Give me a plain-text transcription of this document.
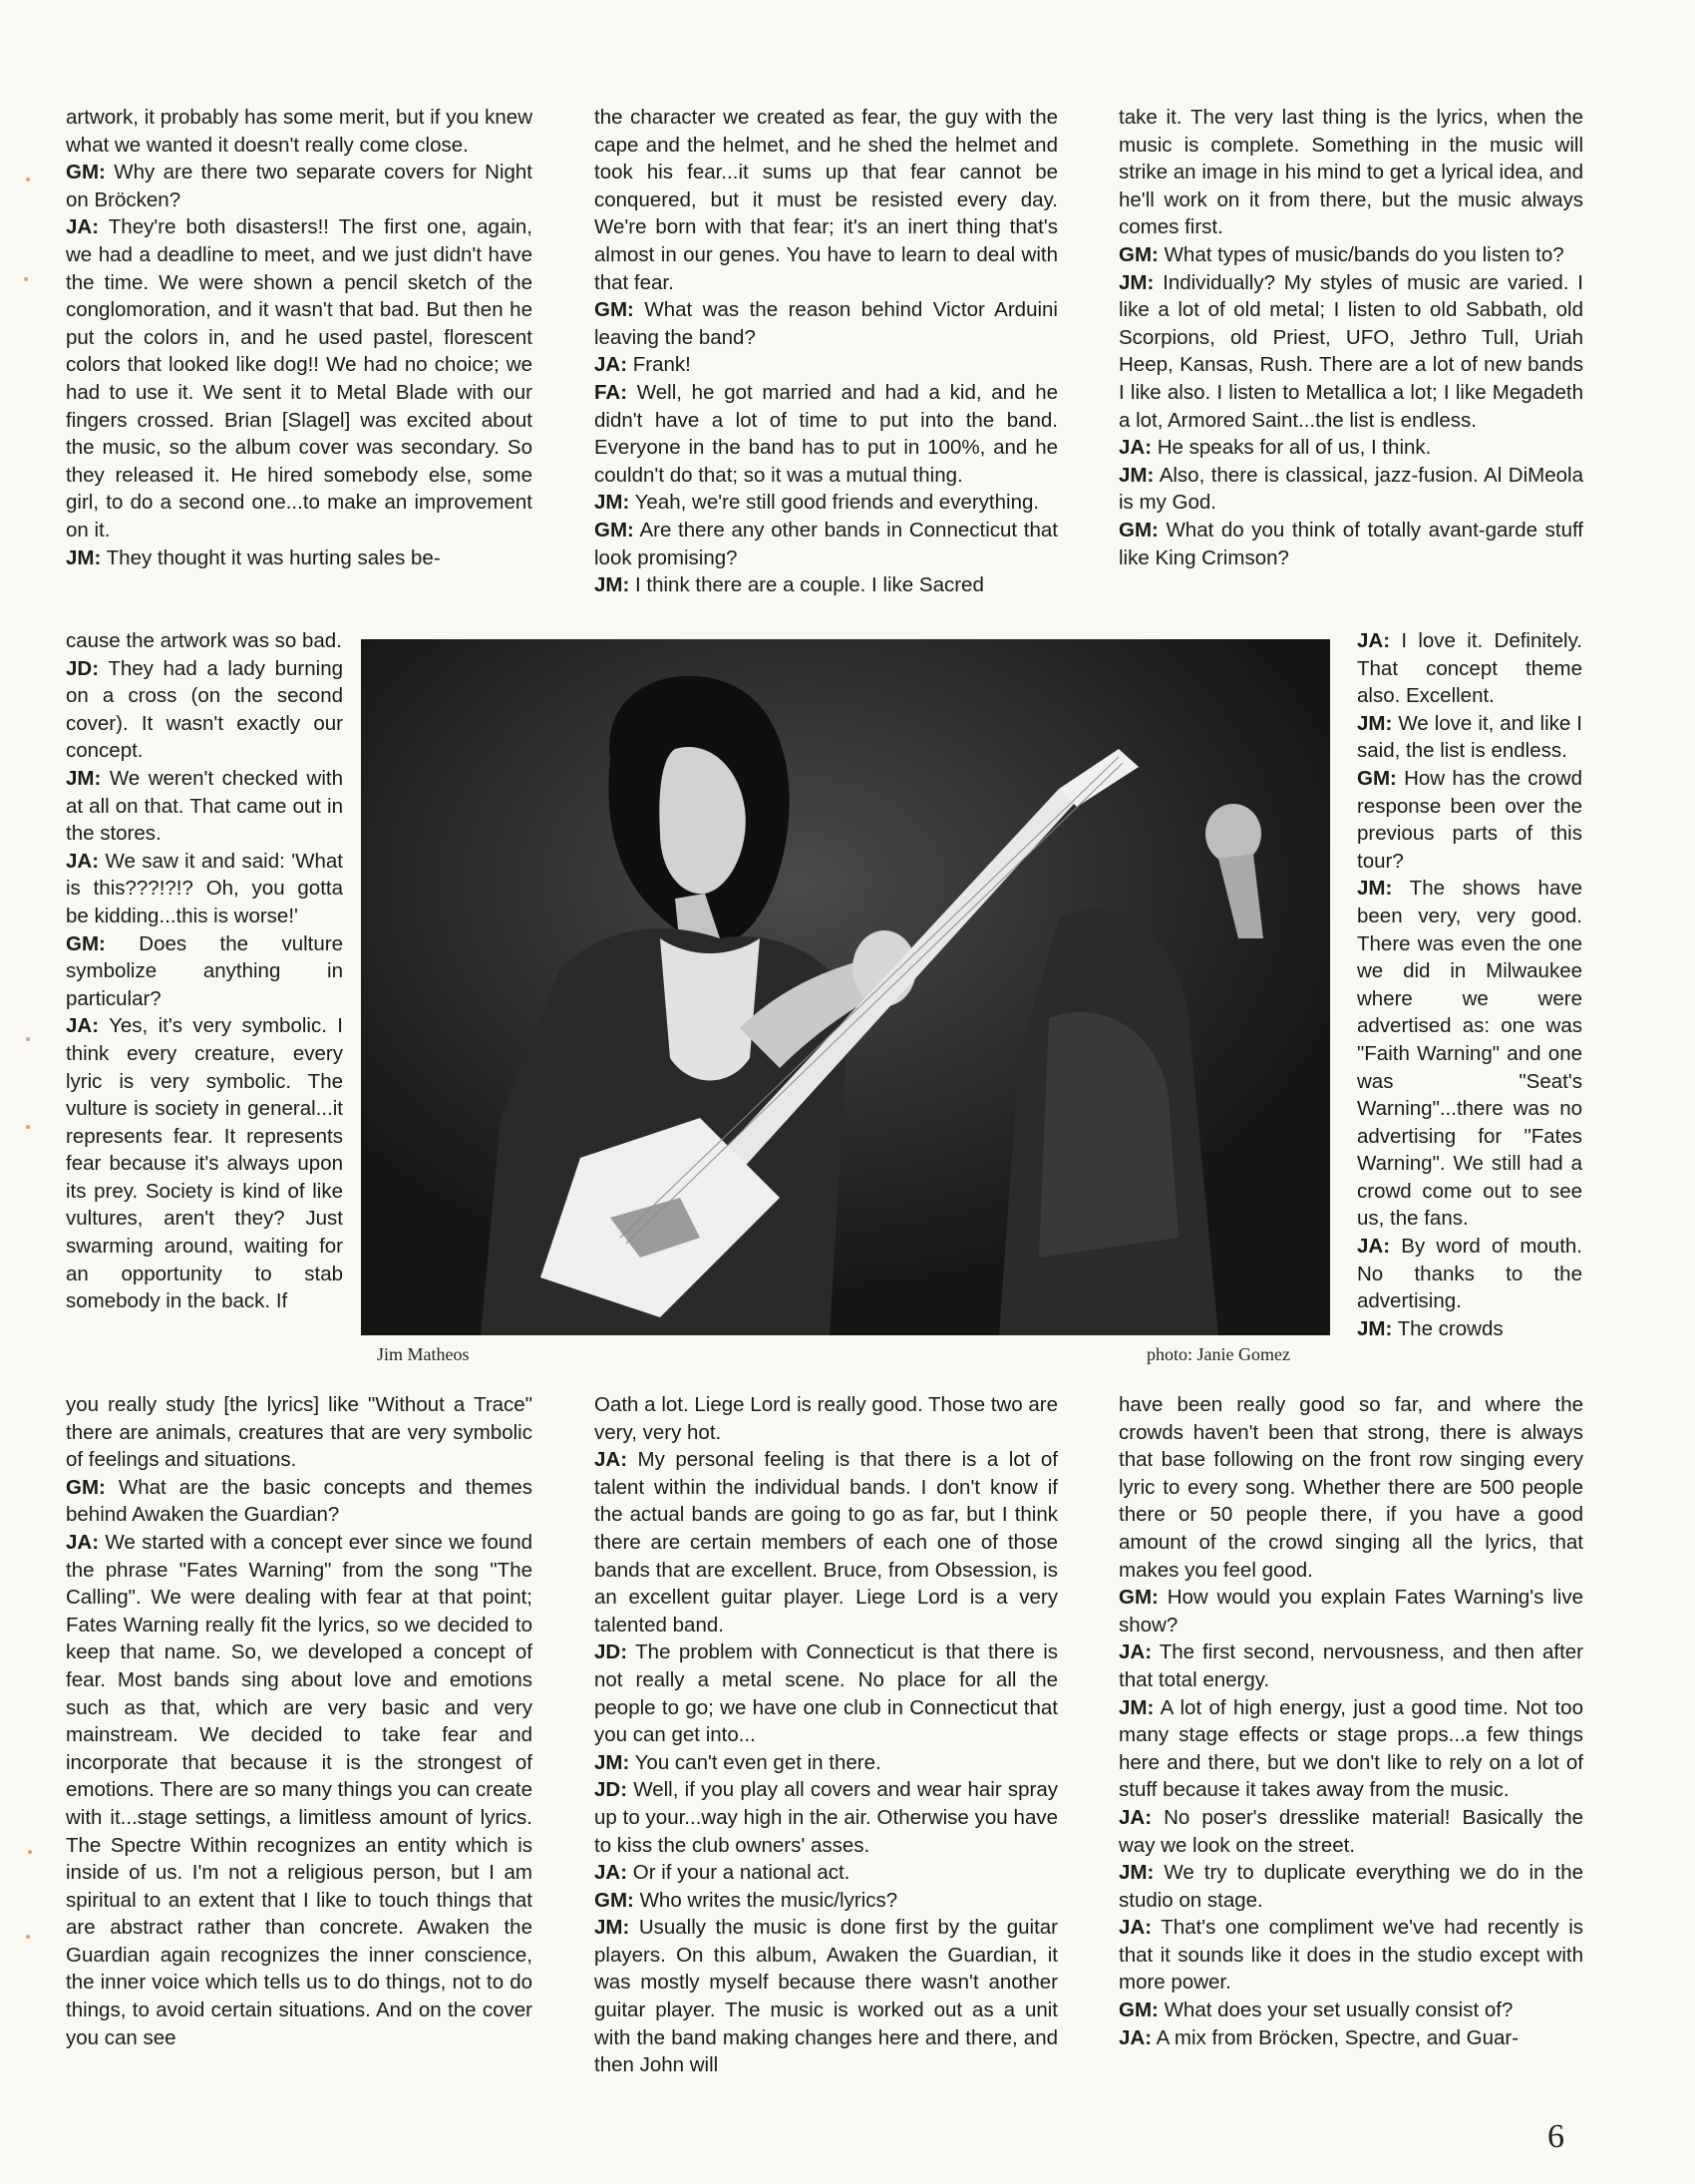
artwork, it probably has some merit, but if you knew what we wanted it doesn't really come close.

GM: Why are there two separate covers for Night on Bröcken?

JA: They're both disasters!! The first one, again, we had a deadline to meet, and we just didn't have the time. We were shown a pencil sketch of the conglomoration, and it wasn't that bad. But then he put the colors in, and he used pastel, florescent colors that looked like dog!! We had no choice; we had to use it. We sent it to Metal Blade with our fingers crossed. Brian [Slagel] was excited about the music, so the album cover was secondary. So they released it. He hired somebody else, some girl, to do a second one...to make an improvement on it.

JM: They thought it was hurting sales be-

cause the artwork was so bad.

JD: They had a lady burning on a cross (on the second cover). It wasn't exactly our concept.

JM: We weren't checked with at all on that. That came out in the stores.

JA: We saw it and said: 'What is this???!?!? Oh, you gotta be kidding...this is worse!'

GM: Does the vulture symbolize anything in particular?

JA: Yes, it's very symbolic. I think every creature, every lyric is very symbolic. The vulture is society in general...it represents fear. It represents fear because it's always upon its prey. Society is kind of like vultures, aren't they? Just swarming around, waiting for an opportunity to stab somebody in the back. If

you really study [the lyrics] like "Without a Trace" there are animals, creatures that are very symbolic of feelings and situations.

GM: What are the basic concepts and themes behind Awaken the Guardian?

JA: We started with a concept ever since we found the phrase "Fates Warning" from the song "The Calling". We were dealing with fear at that point; Fates Warning really fit the lyrics, so we decided to keep that name. So, we developed a concept of fear. Most bands sing about love and emotions such as that, which are very basic and very mainstream. We decided to take fear and incorporate that because it is the strongest of emotions. There are so many things you can create with it...stage settings, a limitless amount of lyrics. The Spectre Within recognizes an entity which is inside of us. I'm not a religious person, but I am spiritual to an extent that I like to touch things that are abstract rather than concrete. Awaken the Guardian again recognizes the inner conscience, the inner voice which tells us to do things, not to do things, to avoid certain situations. And on the cover you can see

the character we created as fear, the guy with the cape and the helmet, and he shed the helmet and took his fear...it sums up that fear cannot be conquered, but it must be resisted every day. We're born with that fear; it's an inert thing that's almost in our genes. You have to learn to deal with that fear.

GM: What was the reason behind Victor Arduini leaving the band?

JA: Frank!

FA: Well, he got married and had a kid, and he didn't have a lot of time to put into the band. Everyone in the band has to put in 100%, and he couldn't do that; so it was a mutual thing.

JM: Yeah, we're still good friends and everything.

GM: Are there any other bands in Connecticut that look promising?

JM: I think there are a couple. I like Sacred

Oath a lot. Liege Lord is really good. Those two are very, very hot.

JA: My personal feeling is that there is a lot of talent within the individual bands. I don't know if the actual bands are going to go as far, but I think there are certain members of each one of those bands that are excellent. Bruce, from Obsession, is an excellent guitar player. Liege Lord is a very talented band.

JD: The problem with Connecticut is that there is not really a metal scene. No place for all the people to go; we have one club in Connecticut that you can get into...

JM: You can't even get in there.

JD: Well, if you play all covers and wear hair spray up to your...way high in the air. Otherwise you have to kiss the club owners' asses.

JA: Or if your a national act.

GM: Who writes the music/lyrics?

JM: Usually the music is done first by the guitar players. On this album, Awaken the Guardian, it was mostly myself because there wasn't another guitar player. The music is worked out as a unit with the band making changes here and there, and then John will

take it. The very last thing is the lyrics, when the music is complete. Something in the music will strike an image in his mind to get a lyrical idea, and he'll work on it from there, but the music always comes first.

GM: What types of music/bands do you listen to?

JM: Individually? My styles of music are varied. I like a lot of old metal; I listen to old Sabbath, old Scorpions, old Priest, UFO, Jethro Tull, Uriah Heep, Kansas, Rush. There are a lot of new bands I like also. I listen to Metallica a lot; I like Megadeth a lot, Armored Saint...the list is endless.

JA: He speaks for all of us, I think.

JM: Also, there is classical, jazz-fusion. Al DiMeola is my God.

GM: What do you think of totally avant-garde stuff like King Crimson?

JA: I love it. Definitely. That concept theme also. Excellent.

JM: We love it, and like I said, the list is endless.

GM: How has the crowd response been over the previous parts of this tour?

JM: The shows have been very, very good. There was even the one we did in Milwaukee where we were advertised as: one was "Faith Warning" and one was "Seat's Warning"...there was no advertising for "Fates Warning". We still had a crowd come out to see us, the fans.

JA: By word of mouth. No thanks to the advertising.

JM: The crowds

have been really good so far, and where the crowds haven't been that strong, there is always that base following on the front row singing every lyric to every song. Whether there are 500 people there or 50 people there, if you have a good amount of the crowd singing all the lyrics, that makes you feel good.

GM: How would you explain Fates Warning's live show?

JA: The first second, nervousness, and then after that total energy.

JM: A lot of high energy, just a good time. Not too many stage effects or stage props...a few things here and there, but we don't like to rely on a lot of stuff because it takes away from the music.

JA: No poser's dresslike material! Basically the way we look on the street.

JM: We try to duplicate everything we do in the studio on stage.

JA: That's one compliment we've had recently is that it sounds like it does in the studio except with more power.

GM: What does your set usually consist of?

JA: A mix from Bröcken, Spectre, and Guar-

Jim Matheos	photo: Janie Gomez
6
